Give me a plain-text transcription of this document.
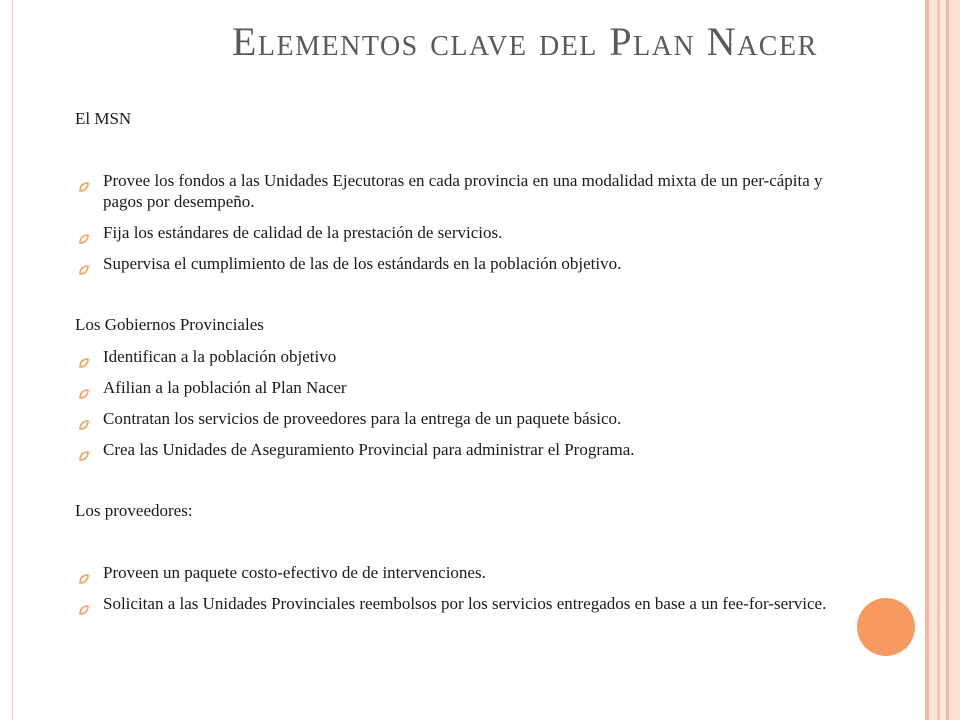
Elementos clave del Plan Nacer

El MSN

Provee los fondos a las Unidades Ejecutoras en cada provincia en una modalidad mixta de un per-cápita y pagos por desempeño.
Fija los estándares de calidad de la prestación de servicios.
Supervisa el cumplimiento de las de los estándards en la población objetivo.

Los Gobiernos Provinciales

Identifican a la población objetivo
Afilian a la población al Plan Nacer
Contratan los servicios de proveedores para la entrega de un paquete básico.
Crea las Unidades de Aseguramiento Provincial para administrar el Programa.

Los proveedores:

Proveen un paquete costo-efectivo de de intervenciones.
Solicitan a las Unidades Provinciales reembolsos por los servicios entregados en base a un fee-for-service.
